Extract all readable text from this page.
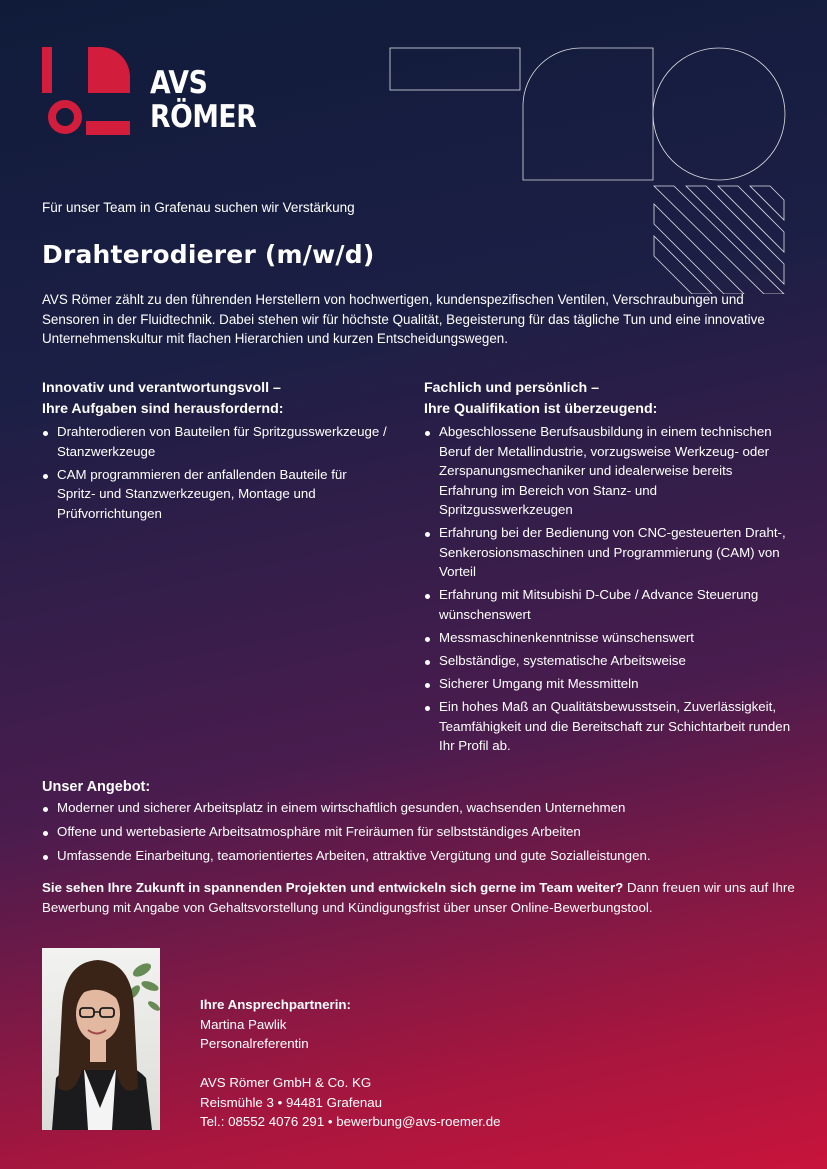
AVS
RÖMER
Für unser Team in Grafenau suchen wir Verstärkung
Drahterodierer (m/w/d)
AVS Römer zählt zu den führenden Herstellern von hochwertigen, kundenspezifischen Ventilen, Verschraubungen und Sensoren in der Fluidtechnik. Dabei stehen wir für höchste Qualität, Begeisterung für das tägliche Tun und eine innovative Unternehmenskultur mit flachen Hierarchien und kurzen Entscheidungswegen.
Innovativ und verantwortungsvoll –
Ihre Aufgaben sind herausfordernd:
Drahterodieren von Bauteilen für Spritzgusswerkzeuge / Stanzwerkzeuge
CAM programmieren der anfallenden Bauteile für Spritz- und Stanzwerkzeugen, Montage und Prüfvorrichtungen
Fachlich und persönlich –
Ihre Qualifikation ist überzeugend:
Abgeschlossene Berufsausbildung in einem technischen Beruf der Metallindustrie, vorzugsweise Werkzeug- oder Zerspanungsmechaniker und idealerweise bereits Erfahrung im Bereich von Stanz- und Spritzgusswerkzeugen
Erfahrung bei der Bedienung von CNC-gesteuerten Draht-, Senkerosionsmaschinen und Programmierung (CAM) von Vorteil
Erfahrung mit Mitsubishi D-Cube / Advance Steuerung wünschenswert
Messmaschinenkenntnisse wünschenswert
Selbständige, systematische Arbeitsweise
Sicherer Umgang mit Messmitteln
Ein hohes Maß an Qualitätsbewusstsein, Zuverlässigkeit, Teamfähigkeit und die Bereitschaft zur Schichtarbeit runden Ihr Profil ab.
Unser Angebot:
Moderner und sicherer Arbeitsplatz in einem wirtschaftlich gesunden, wachsenden Unternehmen
Offene und wertebasierte Arbeitsatmosphäre mit Freiräumen für selbstständiges Arbeiten
Umfassende Einarbeitung, teamorientiertes Arbeiten, attraktive Vergütung und gute Sozialleistungen.
Sie sehen Ihre Zukunft in spannenden Projekten und entwickeln sich gerne im Team weiter? Dann freuen wir uns auf Ihre Bewerbung mit Angabe von Gehaltsvorstellung und Kündigungsfrist über unser Online-Bewerbungstool.
Ihre Ansprechpartnerin:
Martina Pawlik
Personalreferentin
AVS Römer GmbH & Co. KG
Reismühle 3 • 94481 Grafenau
Tel.: 08552 4076 291 • bewerbung@avs-roemer.de
